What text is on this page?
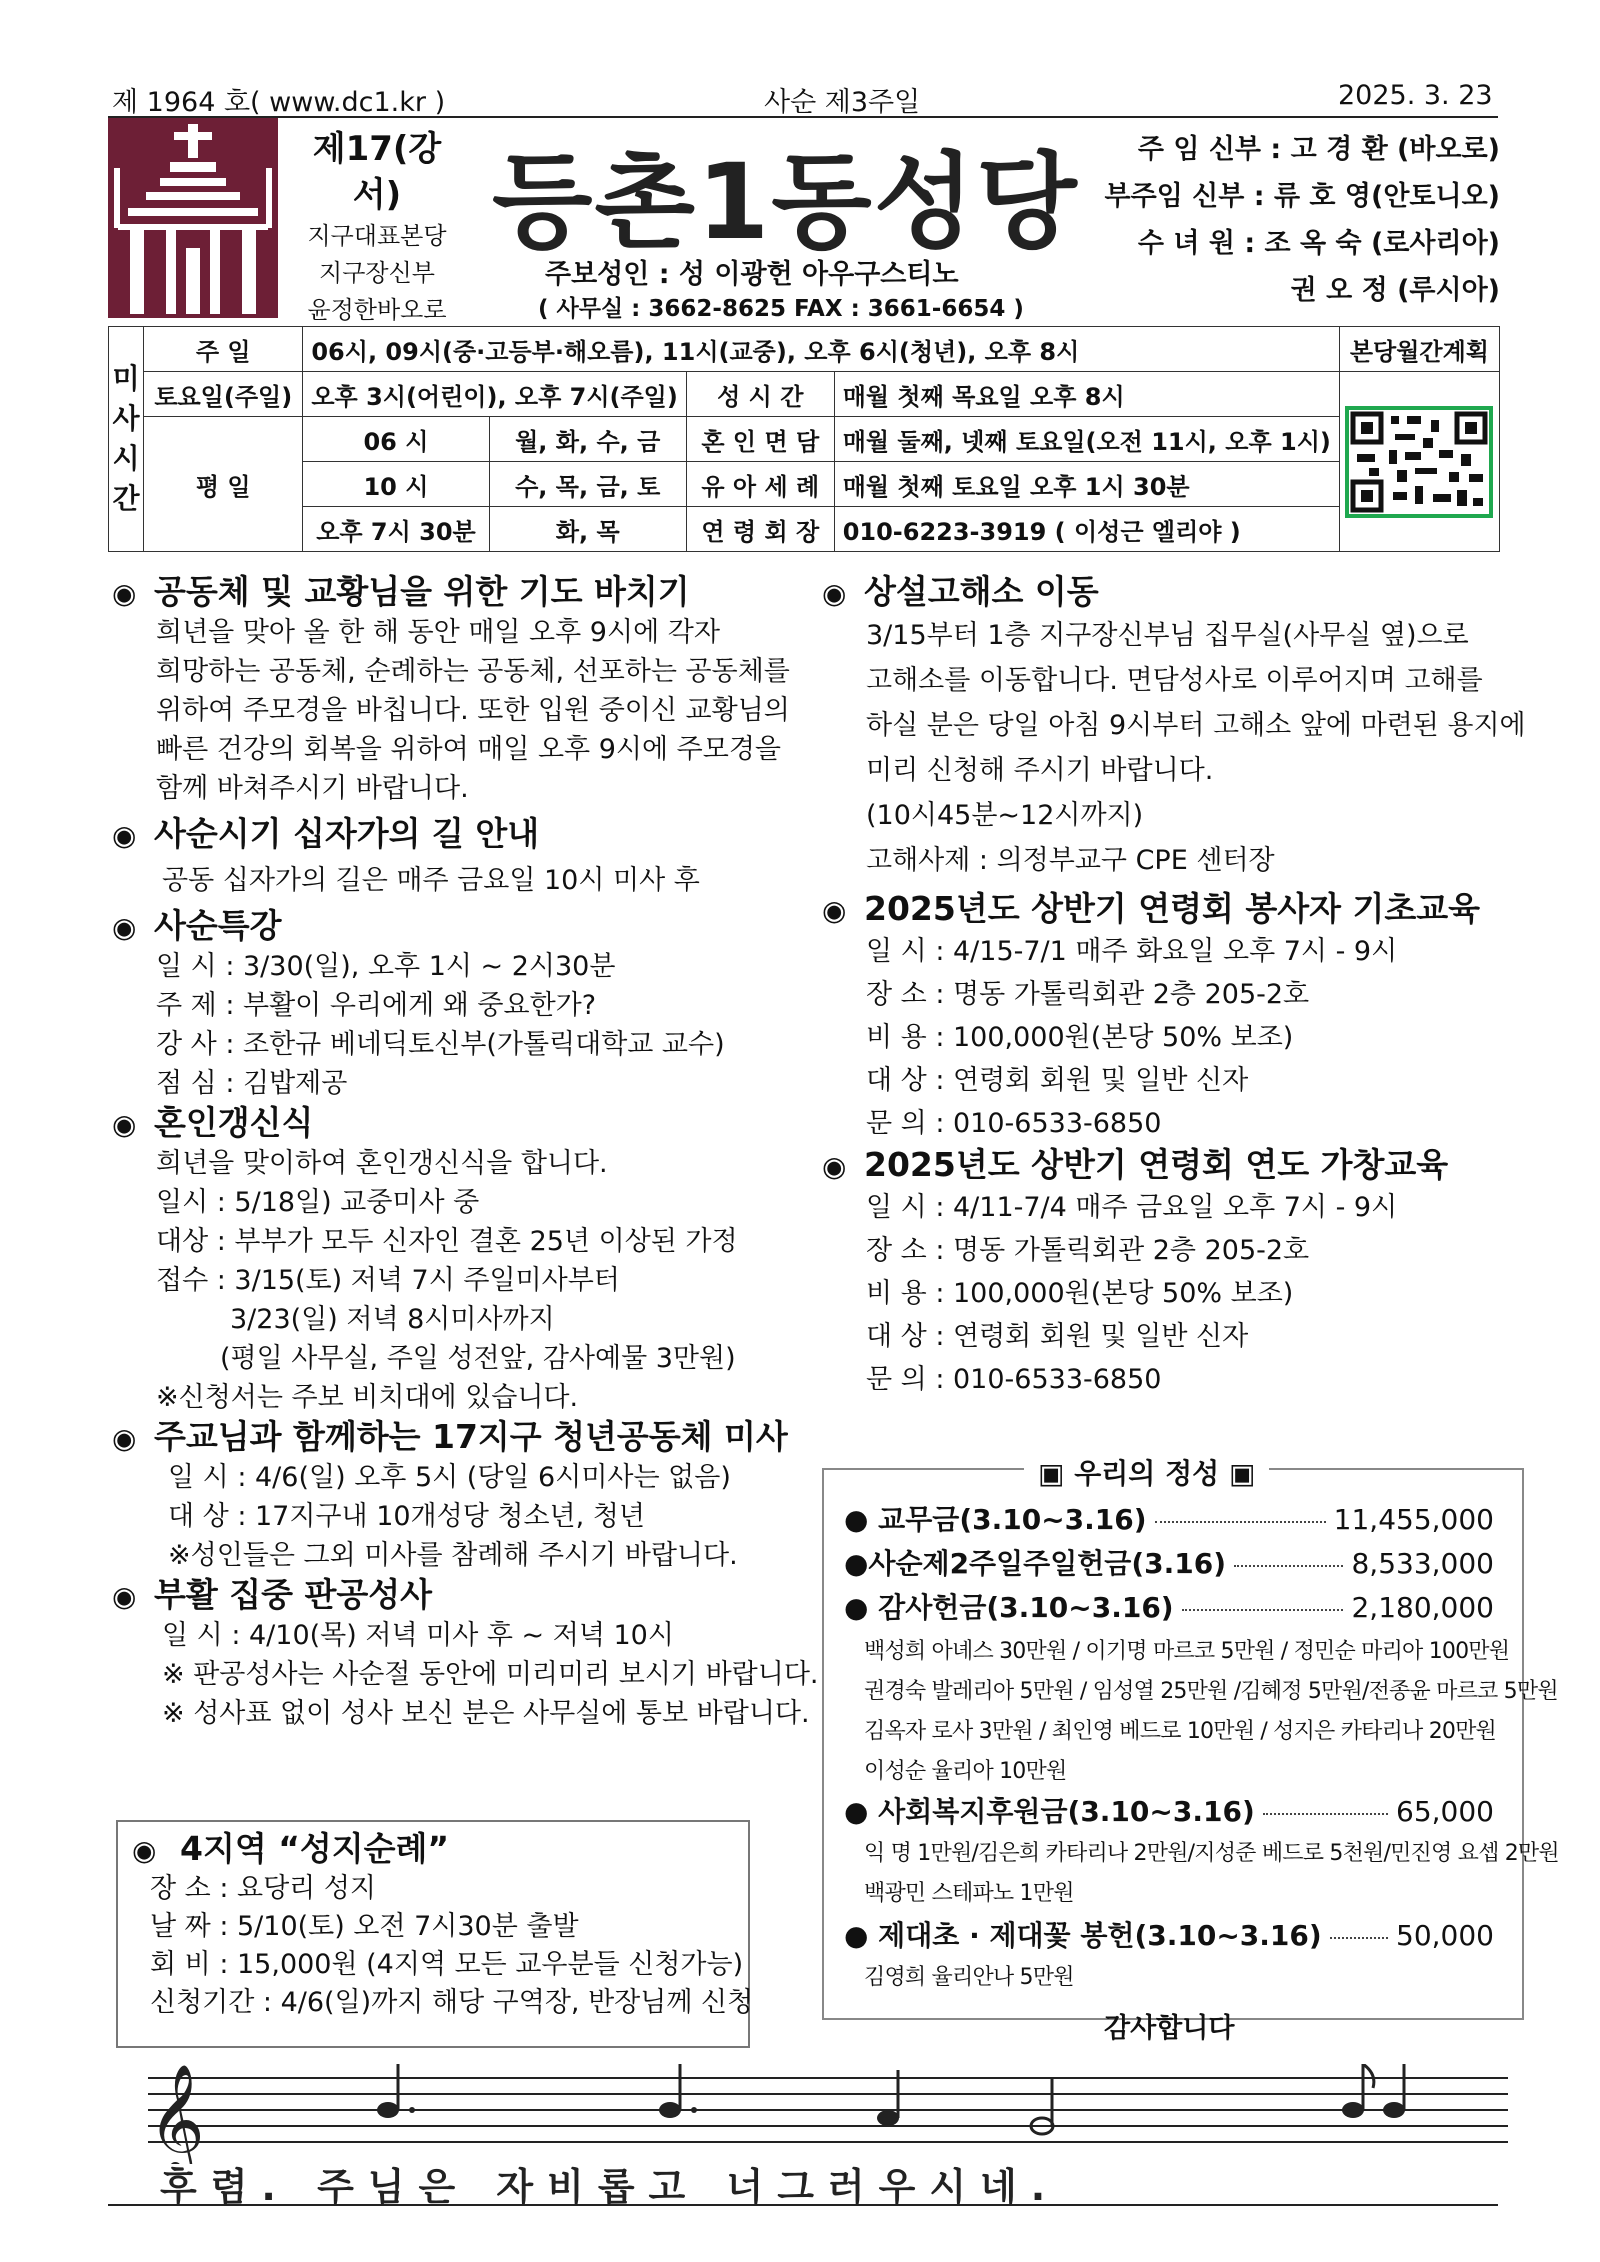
제 1964 호( www.dc1.kr )	사순 제3주일	2025. 3. 23
제17(강서)
지구대표본당
지구장신부
윤정한바오로
등촌1동성당
주보성인 : 성 이광헌 아우구스티노
( 사무실 : 3662-8625 FAX : 3661-6654 )
주 임 신부 : 고 경 환 (바오로)
부주임 신부 : 류 호 영(안토니오)
수 녀 원 : 조 옥 숙 (로사리아)
권 오 정 (루시아)
미
사
시
간	주 일	06시, 09시(중·고등부·해오름), 11시(교중), 오후 6시(청년), 오후 8시				본당월간계획
	토요일(주일)	오후 3시(어린이), 오후 7시(주일)		성 시 간	매월 첫째 목요일 오후 8시	

	평 일	06 시	월, 화, 수, 금	혼 인 면 담	매월 둘째, 넷째 토요일(오전 11시, 오후 1시)	
		10 시	수, 목, 금, 토	유 아 세 례	매월 첫째 토요일 오후 1시 30분	
		오후 7시 30분	화, 목	연 령 회 장	010-6223-3919 ( 이성근 엘리야 )	
◉ 공동체 및 교황님을 위한 기도 바치기
희년을 맞아 올 한 해 동안 매일 오후 9시에 각자
희망하는 공동체, 순례하는 공동체, 선포하는 공동체를
위하여 주모경을 바칩니다. 또한 입원 중이신 교황님의
빠른 건강의 회복을 위하여 매일 오후 9시에 주모경을
함께 바쳐주시기 바랍니다.
◉ 사순시기 십자가의 길 안내
공동 십자가의 길은 매주 금요일 10시 미사 후
◉ 사순특강
일 시 : 3/30(일), 오후 1시 ~ 2시30분
주 제 : 부활이 우리에게 왜 중요한가?
강 사 : 조한규 베네딕토신부(가톨릭대학교 교수)
점 심 : 김밥제공
◉ 혼인갱신식
희년을 맞이하여 혼인갱신식을 합니다.
일시 : 5/18일) 교중미사 중
대상 : 부부가 모두 신자인 결혼 25년 이상된 가정
접수 : 3/15(토) 저녁 7시 주일미사부터
3/23(일) 저녁 8시미사까지
(평일 사무실, 주일 성전앞, 감사예물 3만원)
※신청서는 주보 비치대에 있습니다.
◉ 주교님과 함께하는 17지구 청년공동체 미사
일 시 : 4/6(일) 오후 5시 (당일 6시미사는 없음)
대 상 : 17지구내 10개성당 청소년, 청년
※성인들은 그외 미사를 참례해 주시기 바랍니다.
◉ 부활 집중 판공성사
일 시 : 4/10(목) 저녁 미사 후 ~ 저녁 10시
※ 판공성사는 사순절 동안에 미리미리 보시기 바랍니다.
※ 성사표 없이 성사 보신 분은 사무실에 통보 바랍니다.
◉ 4지역 “성지순례”
장 소 : 요당리 성지
날 짜 : 5/10(토) 오전 7시30분 출발
회 비 : 15,000원 (4지역 모든 교우분들 신청가능)
신청기간 : 4/6(일)까지 해당 구역장, 반장님께 신청
◉ 상설고해소 이동
3/15부터 1층 지구장신부님 집무실(사무실 옆)으로
고해소를 이동합니다. 면담성사로 이루어지며 고해를
하실 분은 당일 아침 9시부터 고해소 앞에 마련된 용지에
미리 신청해 주시기 바랍니다.
(10시45분~12시까지)
고해사제 : 의정부교구 CPE 센터장
◉ 2025년도 상반기 연령회 봉사자 기초교육
일 시 : 4/15-7/1 매주 화요일 오후 7시 - 9시
장 소 : 명동 가톨릭회관 2층 205-2호
비 용 : 100,000원(본당 50% 보조)
대 상 : 연령회 회원 및 일반 신자
문 의 : 010-6533-6850
◉ 2025년도 상반기 연령회 연도 가창교육
일 시 : 4/11-7/4 매주 금요일 오후 7시 - 9시
장 소 : 명동 가톨릭회관 2층 205-2호
비 용 : 100,000원(본당 50% 보조)
대 상 : 연령회 회원 및 일반 신자
문 의 : 010-6533-6850
● 교무금(3.10~3.16)	11,455,000
●사순제2주일주일헌금(3.16)	8,533,000
● 감사헌금(3.10~3.16)	2,180,000
백성희 아녜스 30만원 / 이기명 마르코 5만원 / 정민순 마리아 100만원
권경숙 발레리아 5만원 / 임성열 25만원 /김혜정 5만원/전종윤 마르코 5만원
김옥자 로사 3만원 / 최인영 베드로 10만원 / 성지은 카타리나 20만원
이성순 율리아 10만원
● 사회복지후원금(3.10~3.16)	65,000
익 명 1만원/김은희 카타리나 2만원/지성준 베드로 5천원/민진영 요셉 2만원
백광민 스테파노 1만원
● 제대초 · 제대꽃 봉헌(3.10~3.16)	50,000
김영희 율리안나 5만원
▣ 우리의 정성 ▣
감사합니다
𝄞
후렴. 주님은 자비롭고 너그러우시네.
